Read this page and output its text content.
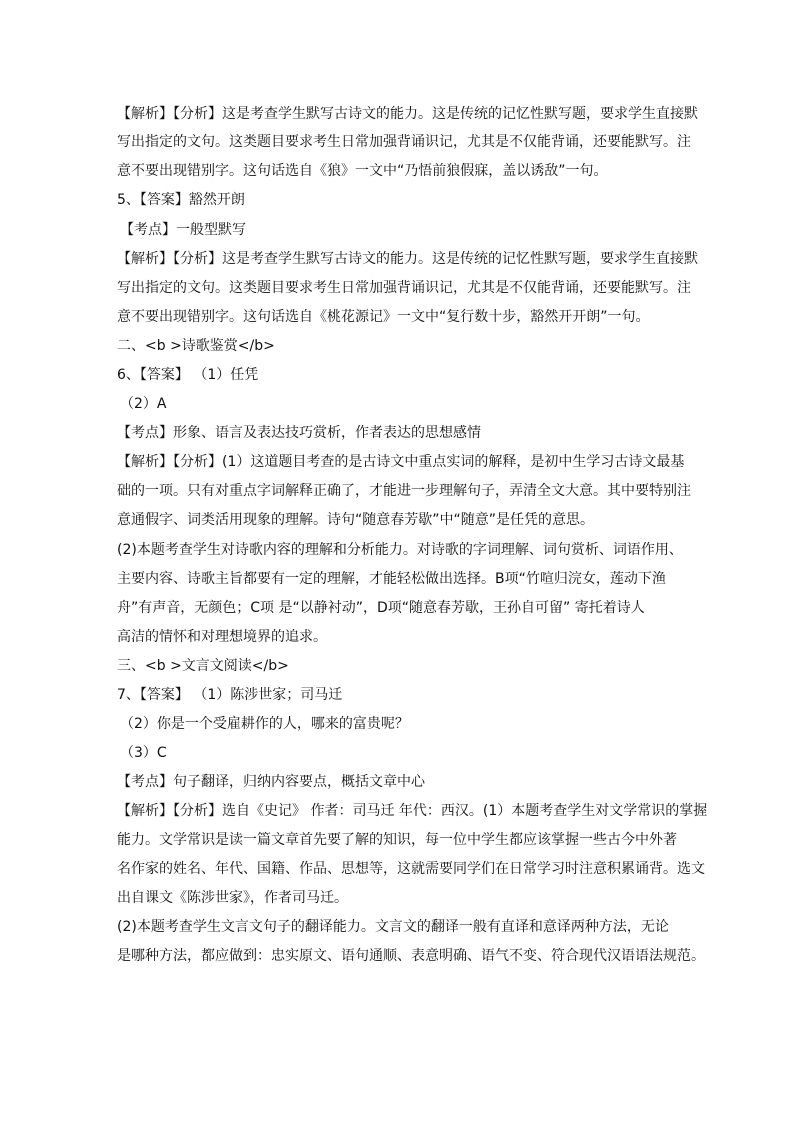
【解析】【分析】这是考查学生默写古诗文的能力。这是传统的记忆性默写题，要求学生直接默
写出指定的文句。这类题目要求考生日常加强背诵识记，尤其是不仅能背诵，还要能默写。注
意不要出现错别字。这句话选自《狼》一文中“乃悟前狼假寐，盖以诱敌”一句。
5、【答案】豁然开朗
【考点】一般型默写
【解析】【分析】这是考查学生默写古诗文的能力。这是传统的记忆性默写题，要求学生直接默
写出指定的文句。这类题目要求考生日常加强背诵识记，尤其是不仅能背诵，还要能默写。注
意不要出现错别字。这句话选自《桃花源记》一文中“复行数十步，豁然开开朗”一句。
二、<b >诗歌鉴赏</b>
6、【答案】 （1）任凭
（2）A
【考点】形象、语言及表达技巧赏析，作者表达的思想感情
【解析】【分析】(1）这道题目考查的是古诗文中重点实词的解释，是初中生学习古诗文最基
础的一项。只有对重点字词解释正确了，才能进一步理解句子，弄清全文大意。其中要特别注
意通假字、词类活用现象的理解。诗句“随意春芳歇”中“随意”是任凭的意思。
(2)本题考查学生对诗歌内容的理解和分析能力。对诗歌的字词理解、词句赏析、词语作用、
主要内容、诗歌主旨都要有一定的理解，才能轻松做出选择。B项“竹喧归浣女，莲动下渔
舟”有声音，无颜色；C项 是“以静衬动”，D项“随意春芳歇，王孙自可留” 寄托着诗人
高洁的情怀和对理想境界的追求。
三、<b >文言文阅读</b>
7、【答案】 （1）陈涉世家；司马迁
（2）你是一个受雇耕作的人，哪来的富贵呢？
（3）C
【考点】句子翻译，归纳内容要点，概括文章中心
【解析】【分析】选自《史记》 作者：司马迁 年代：西汉。(1）本题考查学生对文学常识的掌握
能力。文学常识是读一篇文章首先要了解的知识，每一位中学生都应该掌握一些古今中外著
名作家的姓名、年代、国籍、作品、思想等，这就需要同学们在日常学习时注意积累诵背。选文
出自课文《陈涉世家》，作者司马迁。
(2)本题考查学生文言文句子的翻译能力。文言文的翻译一般有直译和意译两种方法，无论
是哪种方法，都应做到：忠实原文、语句通顺、表意明确、语气不变、符合现代汉语语法规范。
